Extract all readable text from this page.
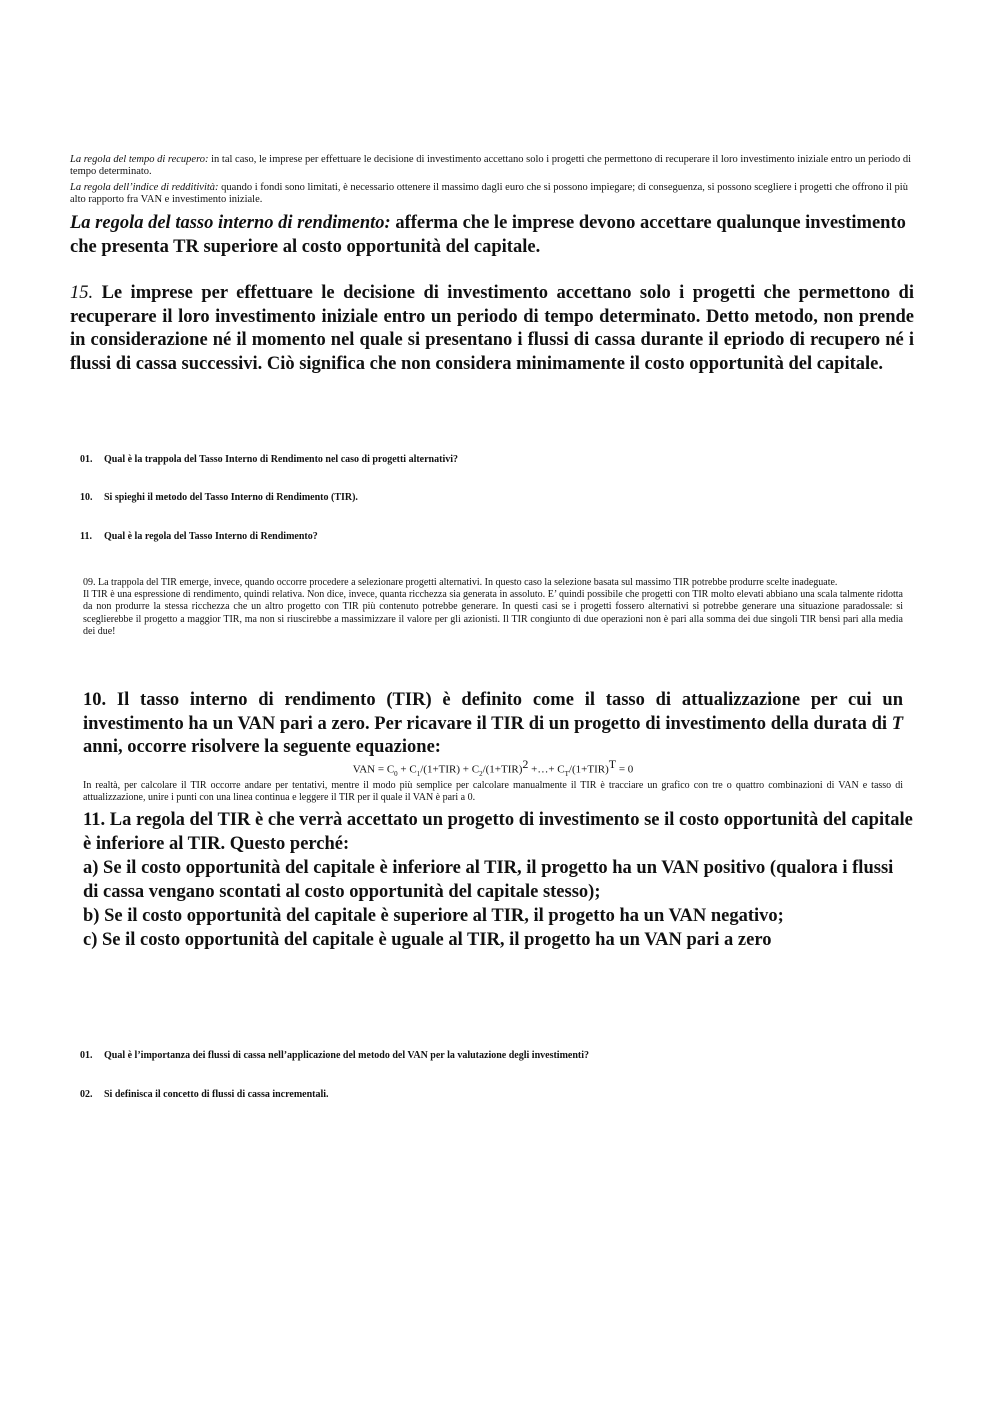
La regola del tempo di recupero: in tal caso, le imprese per effettuare le decisione di investimento accettano solo i progetti che permettono di recuperare il loro investimento iniziale entro un periodo di tempo determinato.
La regola dell’indice di redditività: quando i fondi sono limitati, è necessario ottenere il massimo dagli euro che si possono impiegare; di conseguenza, si possono scegliere i progetti che offrono il più alto rapporto fra VAN e investimento iniziale.
La regola del tasso interno di rendimento: afferma che le imprese devono accettare qualunque investimento che presenta TR superiore al costo opportunità del capitale.
15. Le imprese per effettuare le decisione di investimento accettano solo i progetti che permettono di recuperare il loro investimento iniziale entro un periodo di tempo determinato. Detto metodo, non prende in considerazione né il momento nel quale si presentano i flussi di cassa durante il epriodo di recupero né i flussi di cassa successivi. Ciò significa che non considera minimamente il costo opportunità del capitale.
01. Qual è la trappola del Tasso Interno di Rendimento nel caso di progetti alternativi?
10. Si spieghi il metodo del Tasso Interno di Rendimento (TIR).
11. Qual è la regola del Tasso Interno di Rendimento?

09. La trappola del TIR emerge, invece, quando occorre procedere a selezionare progetti alternativi. In questo caso la selezione basata sul massimo TIR potrebbe produrre scelte inadeguate.

Il TIR è una espressione di rendimento, quindi relativa. Non dice, invece, quanta ricchezza sia generata in assoluto. E’ quindi possibile che progetti con TIR molto elevati abbiano una scala talmente ridotta da non produrre la stessa ricchezza che un altro progetto con TIR più contenuto potrebbe generare. In questi casi se i progetti fossero alternativi si potrebbe generare una situazione paradossale: si sceglierebbe il progetto a maggior TIR, ma non si riuscirebbe a massimizzare il valore per gli azionisti. Il TIR congiunto di due operazioni non è pari alla somma dei due singoli TIR bensì pari alla media dei due!

10. Il tasso interno di rendimento (TIR) è definito come il tasso di attualizzazione per cui un investimento ha un VAN pari a zero. Per ricavare il TIR di un progetto di investimento della durata di T anni, occorre risolvere la seguente equazione:
VAN = $C_0 + C_1/(1+TIR) + C_2/(1+TIR)^2$ +…+ $C_T/(1+TIR)^T = 0$
In realtà, per calcolare il TIR occorre andare per tentativi, mentre il modo più semplice per calcolare manualmente il TIR è tracciare un grafico con tre o quattro combinazioni di VAN e tasso di attualizzazione, unire i punti con una linea continua e leggere il TIR per il quale il VAN è pari a 0.

11. La regola del TIR è che verrà accettato un progetto di investimento se il costo opportunità del capitale è inferiore al TIR. Questo perché:

a) Se il costo opportunità del capitale è inferiore al TIR, il progetto ha un VAN positivo (qualora i flussi di cassa vengano scontati al costo opportunità del capitale stesso);

b) Se il costo opportunità del capitale è superiore al TIR, il progetto ha un VAN negativo;

c) Se il costo opportunità del capitale è uguale al TIR, il progetto ha un VAN pari a zero

01. Qual è l’importanza dei flussi di cassa nell’applicazione del metodo del VAN per la valutazione degli investimenti?
02. Si definisca il concetto di flussi di cassa incrementali.
